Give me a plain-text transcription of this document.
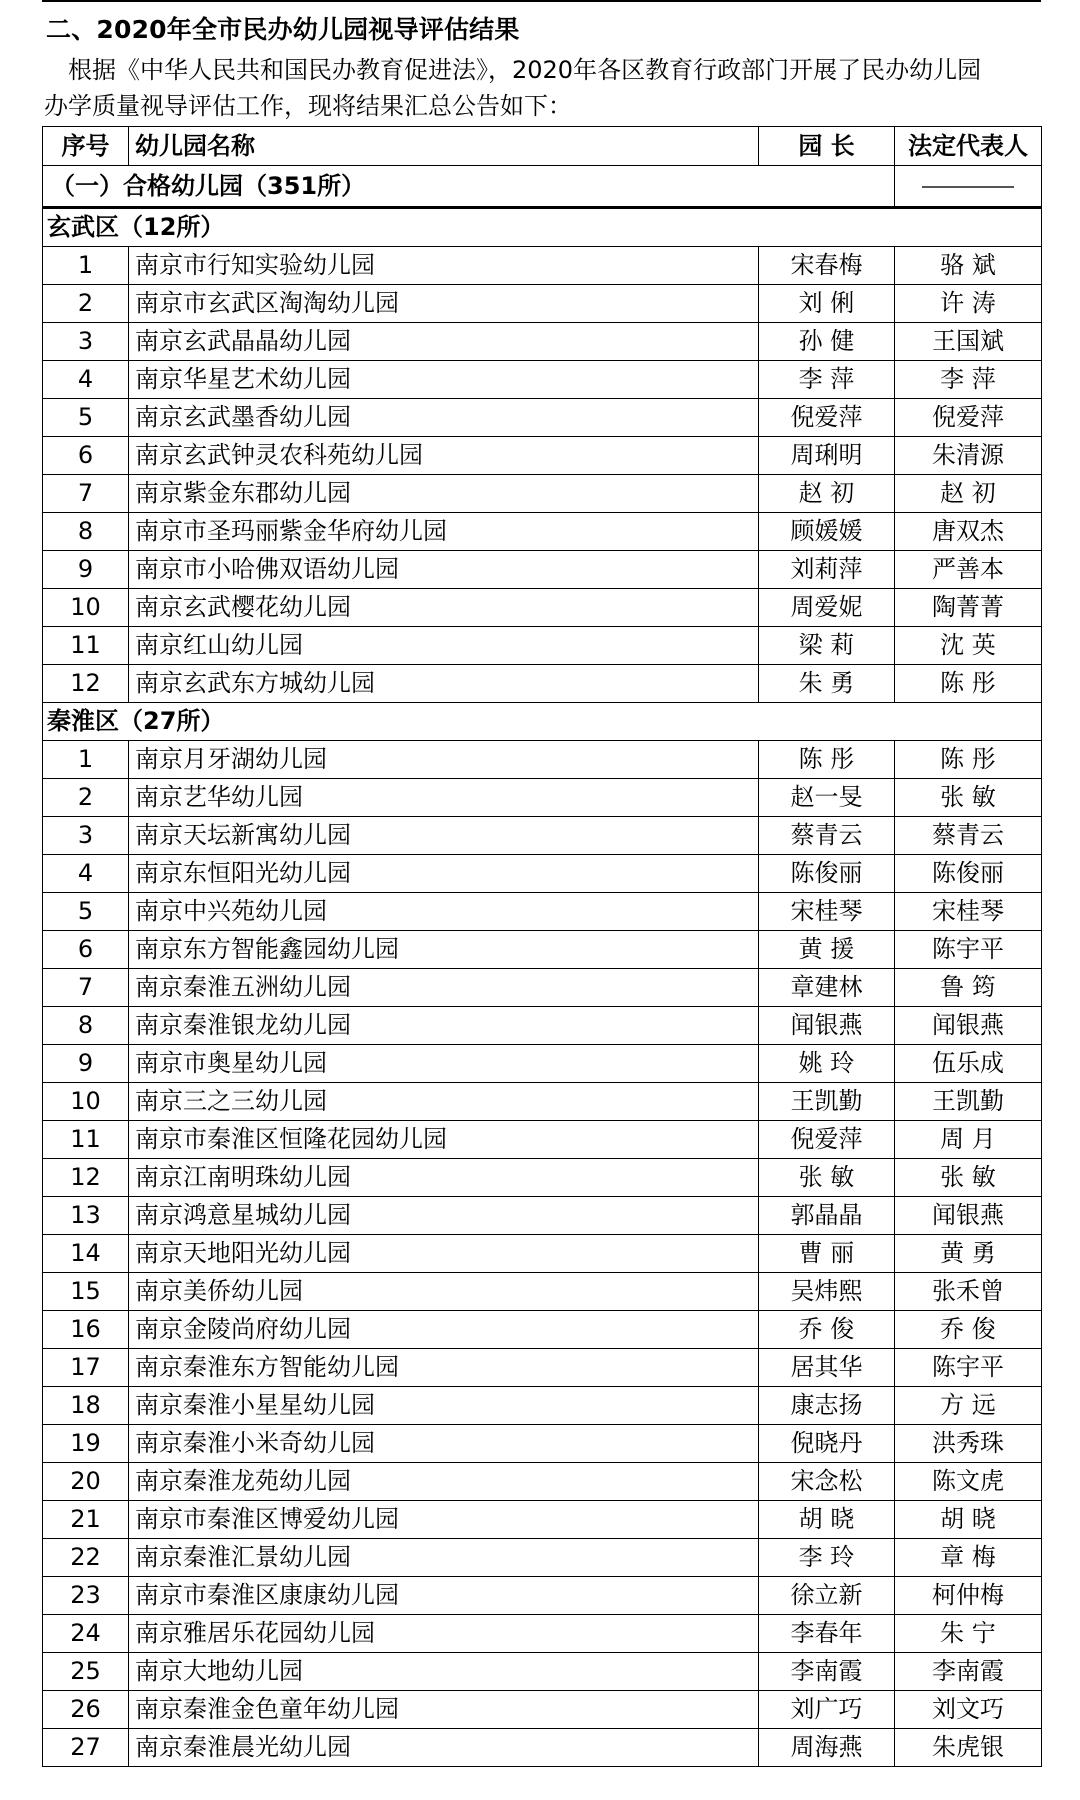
二、2020年全市民办幼儿园视导评估结果
根据《中华人民共和国民办教育促进法》，2020年各区教育行政部门开展了民办幼儿园
办学质量视导评估工作，现将结果汇总公告如下：
序号	幼儿园名称	园 长	法定代表人
（一）合格幼儿园（351所）			
玄武区（12所）			
1	南京市行知实验幼儿园	宋春梅	骆 斌
2	南京市玄武区淘淘幼儿园	刘 俐	许 涛
3	南京玄武晶晶幼儿园	孙 健	王国斌
4	南京华星艺术幼儿园	李 萍	李 萍
5	南京玄武墨香幼儿园	倪爱萍	倪爱萍
6	南京玄武钟灵农科苑幼儿园	周琍明	朱清源
7	南京紫金东郡幼儿园	赵 初	赵 初
8	南京市圣玛丽紫金华府幼儿园	顾媛媛	唐双杰
9	南京市小哈佛双语幼儿园	刘莉萍	严善本
10	南京玄武樱花幼儿园	周爱妮	陶菁菁
11	南京红山幼儿园	梁 莉	沈 英
12	南京玄武东方城幼儿园	朱 勇	陈 彤
秦淮区（27所）			
1	南京月牙湖幼儿园	陈 彤	陈 彤
2	南京艺华幼儿园	赵一旻	张 敏
3	南京天坛新寓幼儿园	蔡青云	蔡青云
4	南京东恒阳光幼儿园	陈俊丽	陈俊丽
5	南京中兴苑幼儿园	宋桂琴	宋桂琴
6	南京东方智能鑫园幼儿园	黄 援	陈宇平
7	南京秦淮五洲幼儿园	章建林	鲁 筠
8	南京秦淮银龙幼儿园	闻银燕	闻银燕
9	南京市奥星幼儿园	姚 玲	伍乐成
10	南京三之三幼儿园	王凯勤	王凯勤
11	南京市秦淮区恒隆花园幼儿园	倪爱萍	周 月
12	南京江南明珠幼儿园	张 敏	张 敏
13	南京鸿意星城幼儿园	郭晶晶	闻银燕
14	南京天地阳光幼儿园	曹 丽	黄 勇
15	南京美侨幼儿园	吴炜熙	张禾曾
16	南京金陵尚府幼儿园	乔 俊	乔 俊
17	南京秦淮东方智能幼儿园	居其华	陈宇平
18	南京秦淮小星星幼儿园	康志扬	方 远
19	南京秦淮小米奇幼儿园	倪晓丹	洪秀珠
20	南京秦淮龙苑幼儿园	宋念松	陈文虎
21	南京市秦淮区博爱幼儿园	胡 晓	胡 晓
22	南京秦淮汇景幼儿园	李 玲	章 梅
23	南京市秦淮区康康幼儿园	徐立新	柯仲梅
24	南京雅居乐花园幼儿园	李春年	朱 宁
25	南京大地幼儿园	李南霞	李南霞
26	南京秦淮金色童年幼儿园	刘广巧	刘文巧
27	南京秦淮晨光幼儿园	周海燕	朱虎银
